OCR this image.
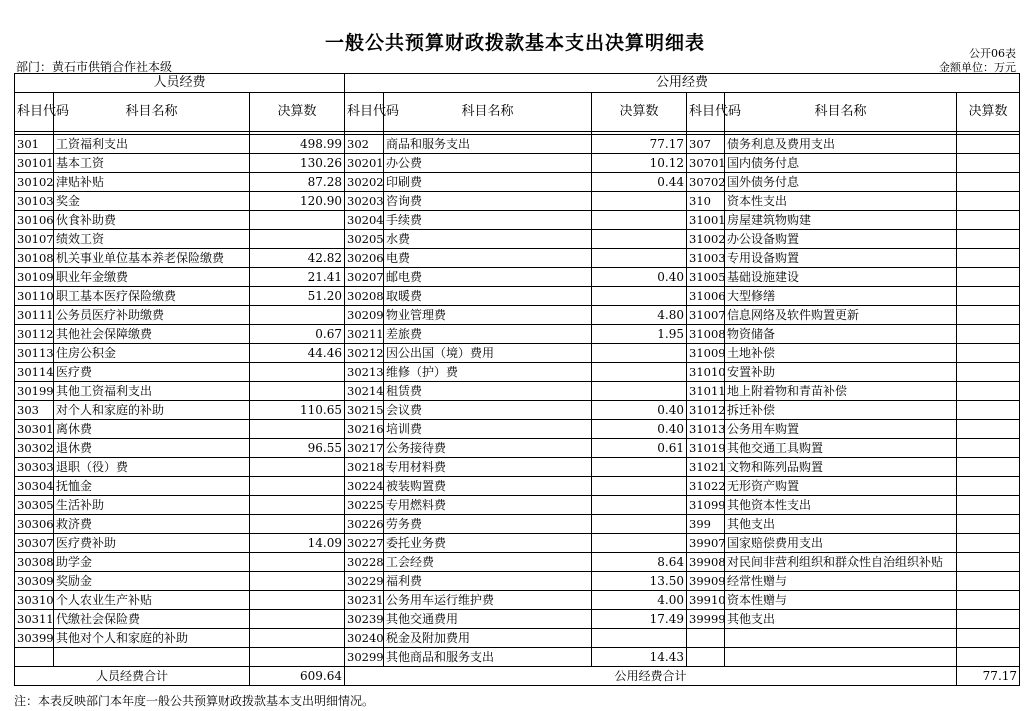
一般公共预算财政拨款基本支出决算明细表	公开06表
部门：黄石市供销合作社本级	金额单位：万元
人员经费			公用经费					
科目代码	科目名称	决算数	科目代码	科目名称	决算数	科目代码	科目名称	决算数

301	工资福利支出	498.99	302	商品和服务支出	77.17	307	债务利息及费用支出	
30101	基本工资	130.26	30201	办公费	10.12	30701	国内债务付息	
30102	津贴补贴	87.28	30202	印刷费	0.44	30702	国外债务付息	
30103	奖金	120.90	30203	咨询费		310	资本性支出	
30106	伙食补助费		30204	手续费		31001	房屋建筑物购建	
30107	绩效工资		30205	水费		31002	办公设备购置	
30108	机关事业单位基本养老保险缴费	42.82	30206	电费		31003	专用设备购置	
30109	职业年金缴费	21.41	30207	邮电费	0.40	31005	基础设施建设	
30110	职工基本医疗保险缴费	51.20	30208	取暖费		31006	大型修缮	
30111	公务员医疗补助缴费		30209	物业管理费	4.80	31007	信息网络及软件购置更新	
30112	其他社会保障缴费	0.67	30211	差旅费	1.95	31008	物资储备	
30113	住房公积金	44.46	30212	因公出国（境）费用		31009	土地补偿	
30114	医疗费		30213	维修（护）费		31010	安置补助	
30199	其他工资福利支出		30214	租赁费		31011	地上附着物和青苗补偿	
303	对个人和家庭的补助	110.65	30215	会议费	0.40	31012	拆迁补偿	
30301	离休费		30216	培训费	0.40	31013	公务用车购置	
30302	退休费	96.55	30217	公务接待费	0.61	31019	其他交通工具购置	
30303	退职（役）费		30218	专用材料费		31021	文物和陈列品购置	
30304	抚恤金		30224	被装购置费		31022	无形资产购置	
30305	生活补助		30225	专用燃料费		31099	其他资本性支出	
30306	救济费		30226	劳务费		399	其他支出	
30307	医疗费补助	14.09	30227	委托业务费		39907	国家赔偿费用支出	
30308	助学金		30228	工会经费	8.64	39908	对民间非营利组织和群众性自治组织补贴	
30309	奖励金		30229	福利费	13.50	39909	经常性赠与	
30310	个人农业生产补贴		30231	公务用车运行维护费	4.00	39910	资本性赠与	
30311	代缴社会保险费		30239	其他交通费用	17.49	39999	其他支出	
30399	其他对个人和家庭的补助		30240	税金及附加费用				
			30299	其他商品和服务支出	14.43			
人员经费合计		609.64	公用经费合计					77.17
注：本表反映部门本年度一般公共预算财政拨款基本支出明细情况。
